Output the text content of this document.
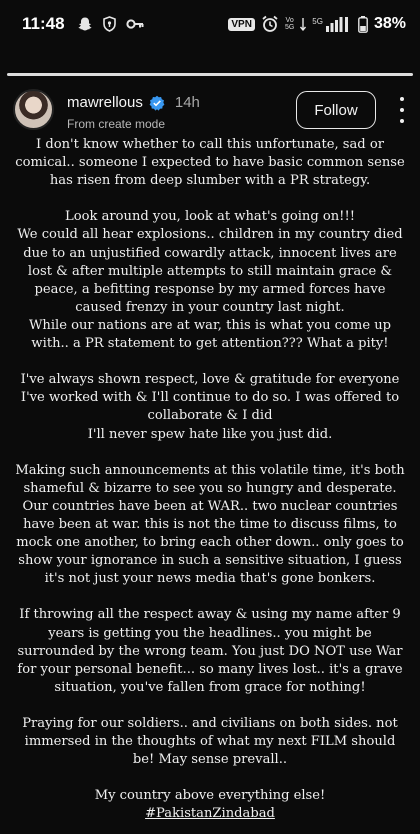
11:48	VPN	Vo
5G
5G	38%
mawrellous 14h
From create mode
Follow

I don't know whether to call this unfortunate, sad or comical.. someone I expected to have basic common sense has risen from deep slumber with a PR strategy.

Look around you, look at what's going on!!!

We could all hear explosions.. children in my country died due to an unjustified cowardly attack, innocent lives are lost & after multiple attempts to still maintain grace & peace, a befitting response by my armed forces have caused frenzy in your country last night.

While our nations are at war, this is what you come up with.. a PR statement to get attention??? What a pity!

I've always shown respect, love & gratitude for everyone I've worked with & I'll continue to do so. I was offered to collaborate & I did

I'll never spew hate like you just did.

Making such announcements at this volatile time, it's both shameful & bizarre to see you so hungry and desperate. Our countries have been at WAR.. two nuclear countries have been at war. this is not the time to discuss films, to mock one another, to bring each other down.. only goes to show your ignorance in such a sensitive situation, I guess it's not just your news media that's gone bonkers.

If throwing all the respect away & using my name after 9 years is getting you the headlines.. you might be surrounded by the wrong team. You just DO NOT use War for your personal benefit... so many lives lost.. it's a grave situation, you've fallen from grace for nothing!

Praying for our soldiers.. and civilians on both sides. not immersed in the thoughts of what my next FILM should be! May sense prevall..

My country above everything else!

#PakistanZindabad
